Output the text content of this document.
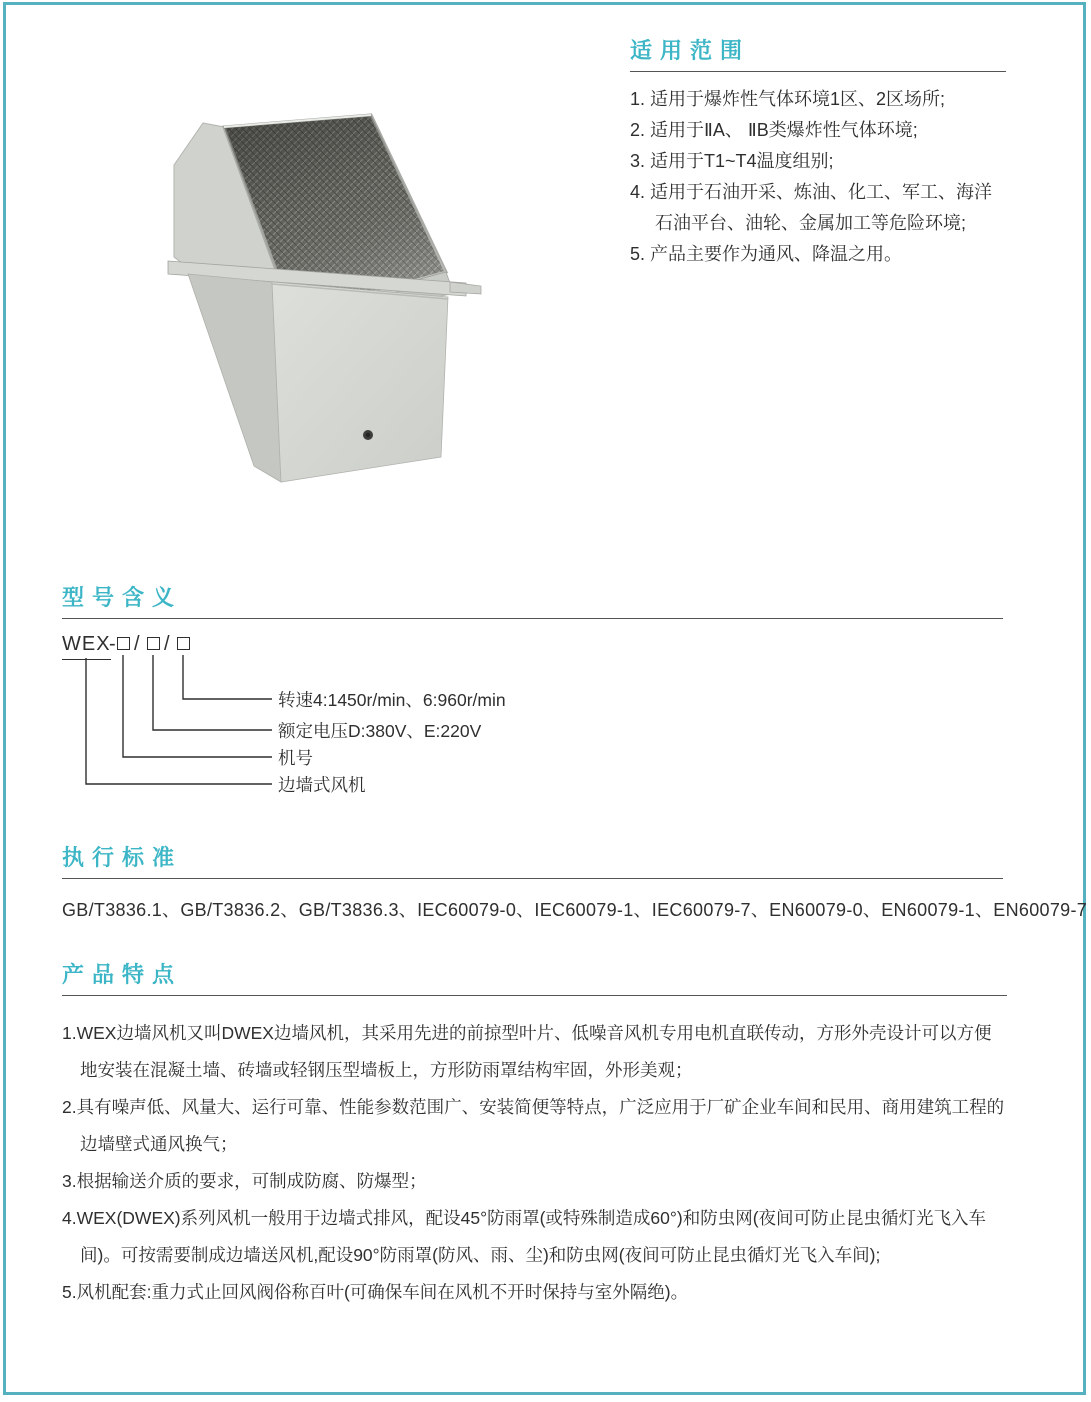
适用范围
1. 适用于爆炸性气体环境1区、2区场所;
2. 适用于ⅡA、 ⅡB类爆炸性气体环境;
3. 适用于T1~T4温度组别;
4. 适用于石油开采、炼油、化工、军工、海洋石油平台、油轮、金属加工等危险环境;
5. 产品主要作为通风、降温之用。
型号含义
WEX
- / /
转速4:1450r/min、6:960r/min
额定电压D:380V、E:220V
机号
边墙式风机
执行标准
GB/T3836.1、GB/T3836.2、GB/T3836.3、IEC60079-0、IEC60079-1、IEC60079-7、EN60079-0、EN60079-1、EN60079-7
产品特点

1.WEX边墙风机又叫DWEX边墙风机，其采用先进的前掠型叶片、低噪音风机专用电机直联传动，方形外壳设计可以方便地安装在混凝土墙、砖墙或轻钢压型墙板上，方形防雨罩结构牢固，外形美观；

2.具有噪声低、风量大、运行可靠、性能参数范围广、安装简便等特点，广泛应用于厂矿企业车间和民用、商用建筑工程的边墙壁式通风换气；

3.根据输送介质的要求，可制成防腐、防爆型；

4.WEX(DWEX)系列风机一般用于边墙式排风，配设45°防雨罩(或特殊制造成60°)和防虫网(夜间可防止昆虫循灯光飞入车间)。可按需要制成边墙送风机,配设90°防雨罩(防风、雨、尘)和防虫网(夜间可防止昆虫循灯光飞入车间);

5.风机配套:重力式止回风阀俗称百叶(可确保车间在风机不开时保持与室外隔绝)。
